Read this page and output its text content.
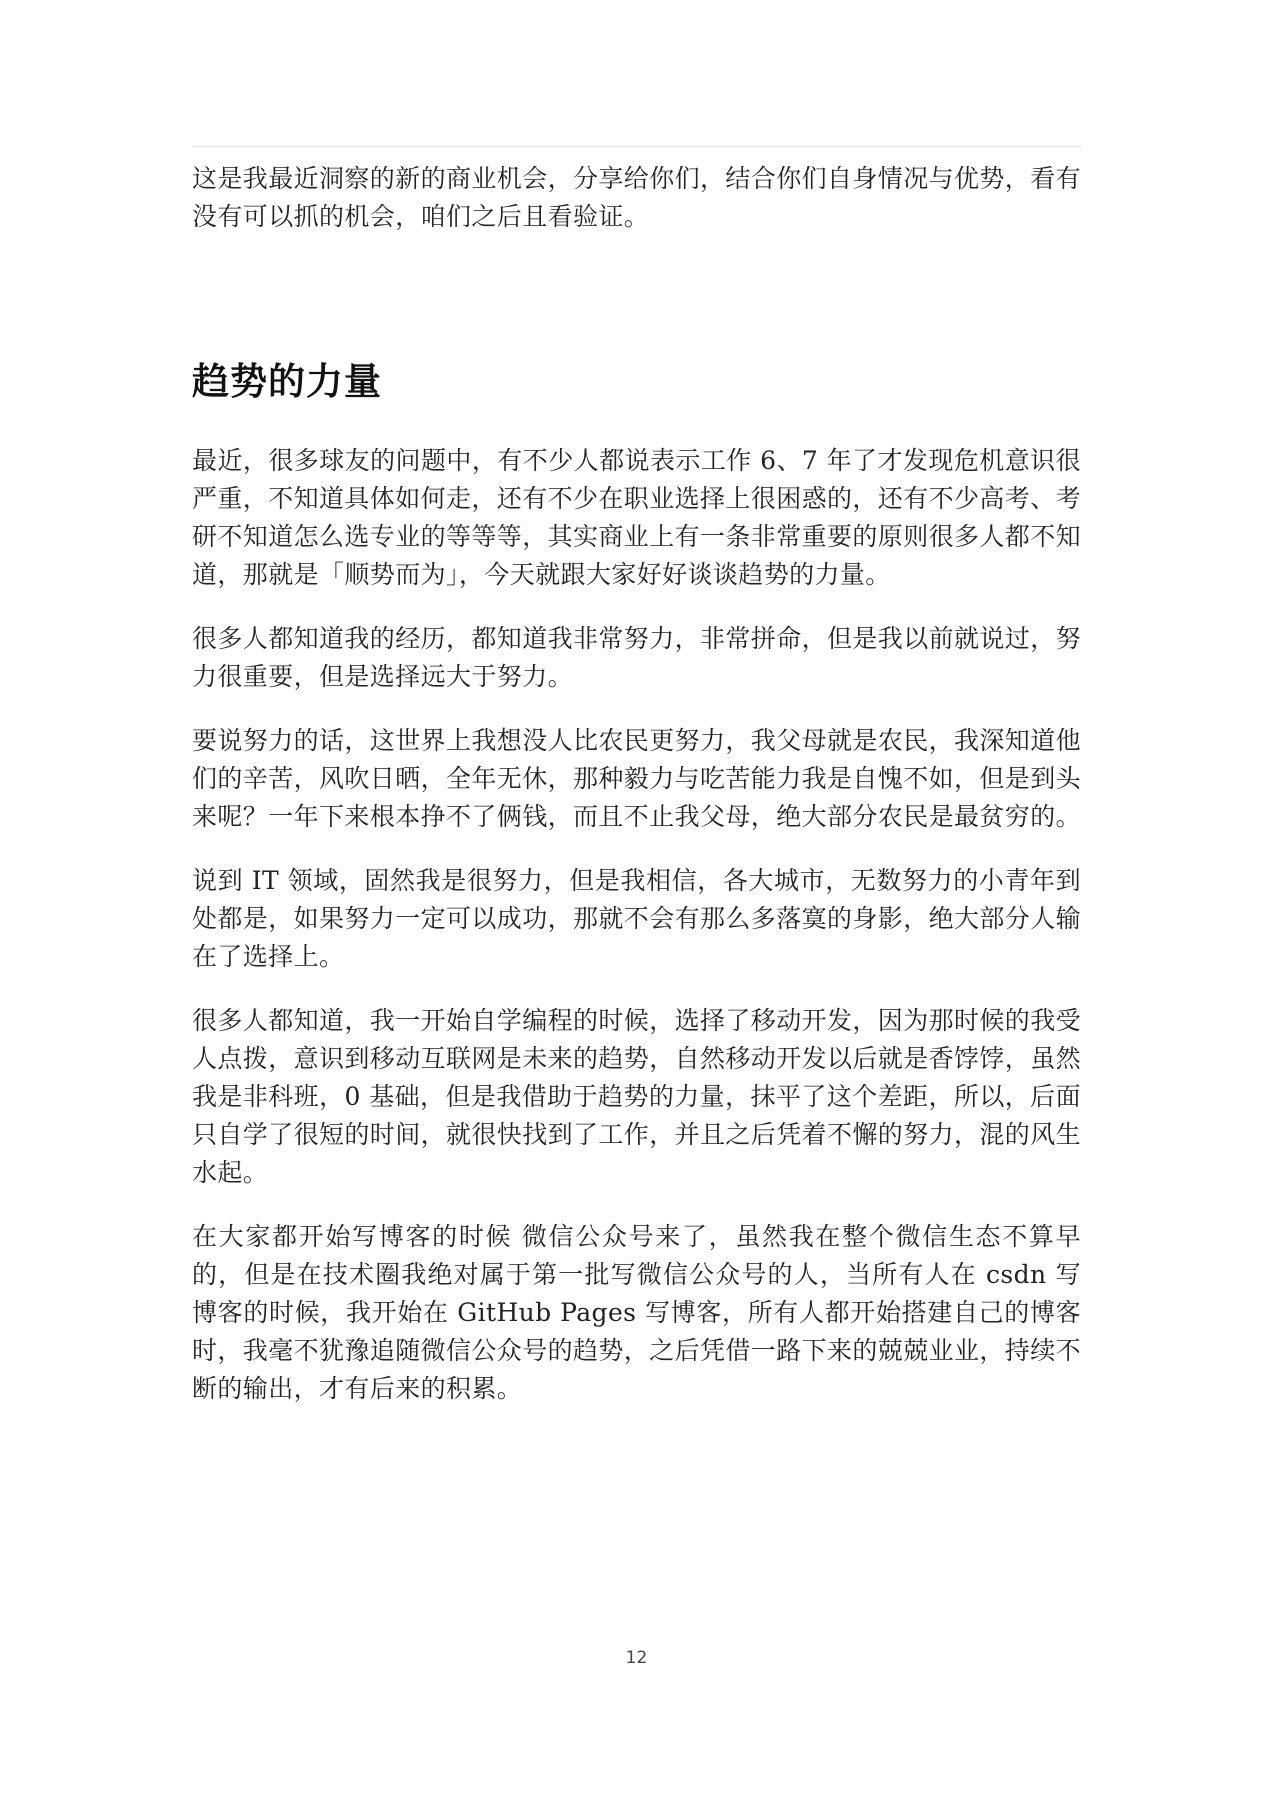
这是我最近洞察的新的商业机会，分享给你们，结合你们自身情况与优势，看有没有可以抓的机会，咱们之后且看验证。

趋势的力量

最近，很多球友的问题中，有不少人都说表示工作 6、7 年了才发现危机意识很严重，不知道具体如何走，还有不少在职业选择上很困惑的，还有不少高考、考研不知道怎么选专业的等等等，其实商业上有一条非常重要的原则很多人都不知道，那就是「顺势而为」，今天就跟大家好好谈谈趋势的力量。

很多人都知道我的经历，都知道我非常努力，非常拼命，但是我以前就说过，努力很重要，但是选择远大于努力。

要说努力的话，这世界上我想没人比农民更努力，我父母就是农民，我深知道他们的辛苦，风吹日晒，全年无休，那种毅力与吃苦能力我是自愧不如，但是到头来呢？一年下来根本挣不了俩钱，而且不止我父母，绝大部分农民是最贫穷的。

说到 IT 领域，固然我是很努力，但是我相信，各大城市，无数努力的小青年到处都是，如果努力一定可以成功，那就不会有那么多落寞的身影，绝大部分人输在了选择上。

很多人都知道，我一开始自学编程的时候，选择了移动开发，因为那时候的我受人点拨，意识到移动互联网是未来的趋势，自然移动开发以后就是香饽饽，虽然我是非科班，0 基础，但是我借助于趋势的力量，抹平了这个差距，所以，后面只自学了很短的时间，就很快找到了工作，并且之后凭着不懈的努力，混的风生水起。

在大家都开始写博客的时候 微信公众号来了，虽然我在整个微信生态不算早的，但是在技术圈我绝对属于第一批写微信公众号的人，当所有人在 csdn 写博客的时候，我开始在 GitHub Pages 写博客，所有人都开始搭建自己的博客时，我毫不犹豫追随微信公众号的趋势，之后凭借一路下来的兢兢业业，持续不断的输出，才有后来的积累。

12
